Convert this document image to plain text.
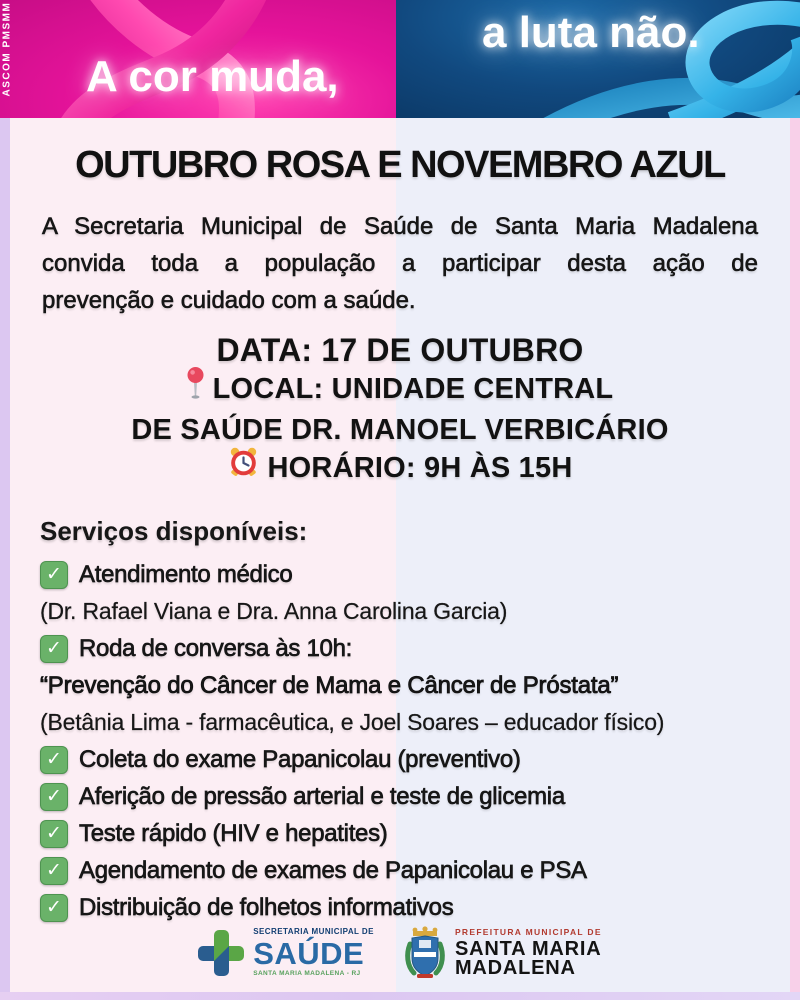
A cor muda,
ASCOM PMSMM	a luta não.
OUTUBRO ROSA E NOVEMBRO AZUL
A Secretaria Municipal de Saúde de Santa Maria Madalena
convida toda a população a participar desta ação de
prevenção e cuidado com a saúde.
DATA: 17 DE OUTUBRO
LOCAL: UNIDADE CENTRAL
DE SAÚDE DR. MANOEL VERBICÁRIO
HORÁRIO: 9H ÀS 15H
Serviços disponíveis:
✓ Atendimento médico
(Dr. Rafael Viana e Dra. Anna Carolina Garcia)
✓ Roda de conversa às 10h:
“Prevenção do Câncer de Mama e Câncer de Próstata”
(Betânia Lima - farmacêutica, e Joel Soares – educador físico)
✓ Coleta do exame Papanicolau (preventivo)
✓ Aferição de pressão arterial e teste de glicemia
✓ Teste rápido (HIV e hepatites)
✓ Agendamento de exames de Papanicolau e PSA
✓ Distribuição de folhetos informativos
SECRETARIA MUNICIPAL DE
SAÚDE
SANTA MARIA MADALENA - RJ
PREFEITURA MUNICIPAL DE
SANTA MARIA
MADALENA
